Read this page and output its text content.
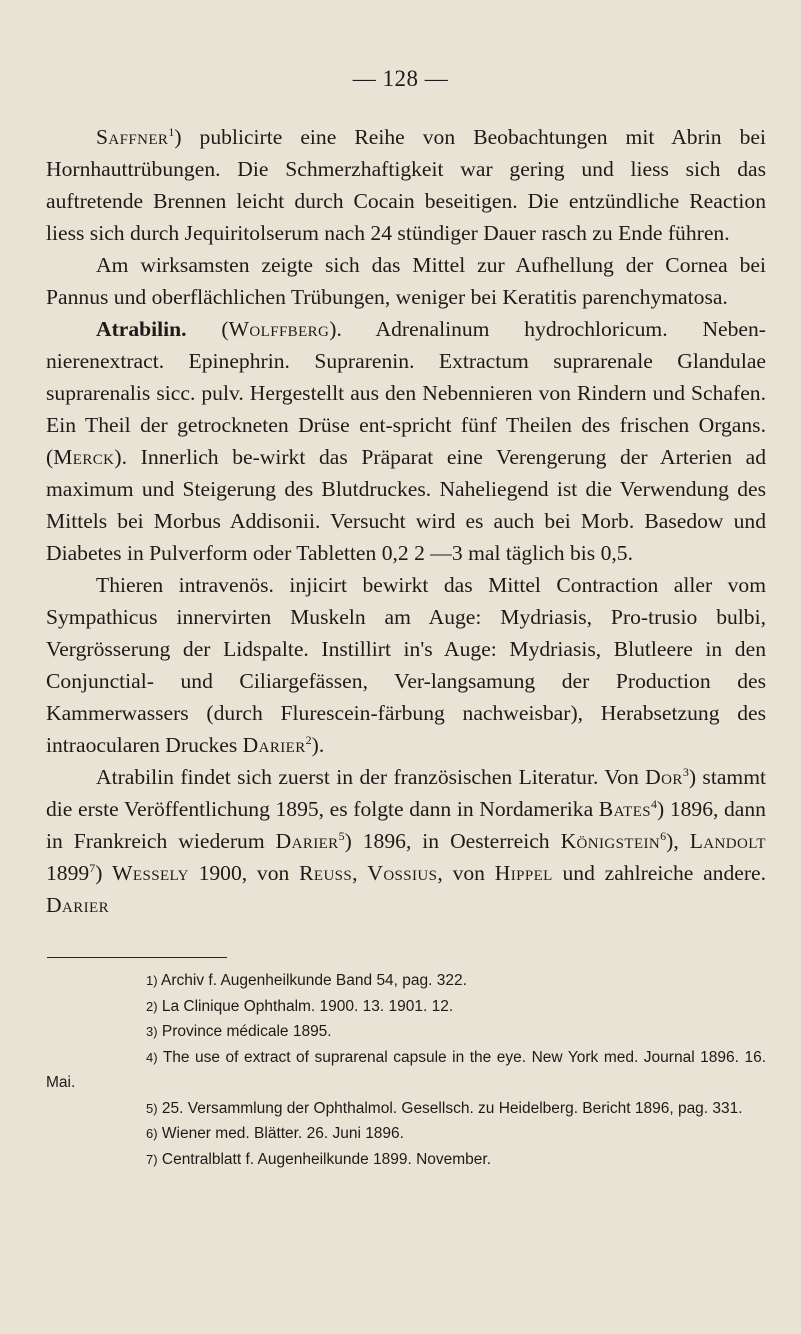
— 128 —

Saffner$^1$) publicirte eine Reihe von Beobachtungen mit Abrin bei Hornhauttrübungen. Die Schmerzhaftigkeit war gering und liess sich das auftretende Brennen leicht durch Cocain beseitigen. Die entzündliche Reaction liess sich durch Jequiritolserum nach 24 stündiger Dauer rasch zu Ende führen.

Am wirksamsten zeigte sich das Mittel zur Aufhellung der Cornea bei Pannus und oberflächlichen Trübungen, weniger bei Keratitis parenchymatosa.

Atrabilin. (Wolffberg). Adrenalinum hydrochloricum. Neben-nierenextract. Epinephrin. Suprarenin. Extractum suprarenale Glandulae suprarenalis sicc. pulv. Hergestellt aus den Nebennieren von Rindern und Schafen. Ein Theil der getrockneten Drüse ent-spricht fünf Theilen des frischen Organs. (Merck). Innerlich be-wirkt das Präparat eine Verengerung der Arterien ad maximum und Steigerung des Blutdruckes. Naheliegend ist die Verwendung des Mittels bei Morbus Addisonii. Versucht wird es auch bei Morb. Basedow und Diabetes in Pulverform oder Tabletten 0,2 2 —3 mal täglich bis 0,5.

Thieren intravenös. injicirt bewirkt das Mittel Contraction aller vom Sympathicus innervirten Muskeln am Auge: Mydriasis, Pro-trusio bulbi, Vergrösserung der Lidspalte. Instillirt in's Auge: Mydriasis, Blutleere in den Conjunctial- und Ciliargefässen, Ver-langsamung der Production des Kammerwassers (durch Flurescein-färbung nachweisbar), Herabsetzung des intraocularen Druckes Darier$^2$).

Atrabilin findet sich zuerst in der französischen Literatur. Von Dor$^3$) stammt die erste Veröffentlichung 1895, es folgte dann in Nordamerika Bates$^4$) 1896, dann in Frankreich wiederum Darier$^5$) 1896, in Oesterreich Königstein$^6$), Landolt 1899$^7$) Wessely 1900, von Reuss, Vossius, von Hippel und zahlreiche andere. Darier

1) Archiv f. Augenheilkunde Band 54, pag. 322.

2) La Clinique Ophthalm. 1900. 13. 1901. 12.

3) Province médicale 1895.

4) The use of extract of suprarenal capsule in the eye. New York med. Journal 1896. 16. Mai.

5) 25. Versammlung der Ophthalmol. Gesellsch. zu Heidelberg. Bericht 1896, pag. 331.

6) Wiener med. Blätter. 26. Juni 1896.

7) Centralblatt f. Augenheilkunde 1899. November.
